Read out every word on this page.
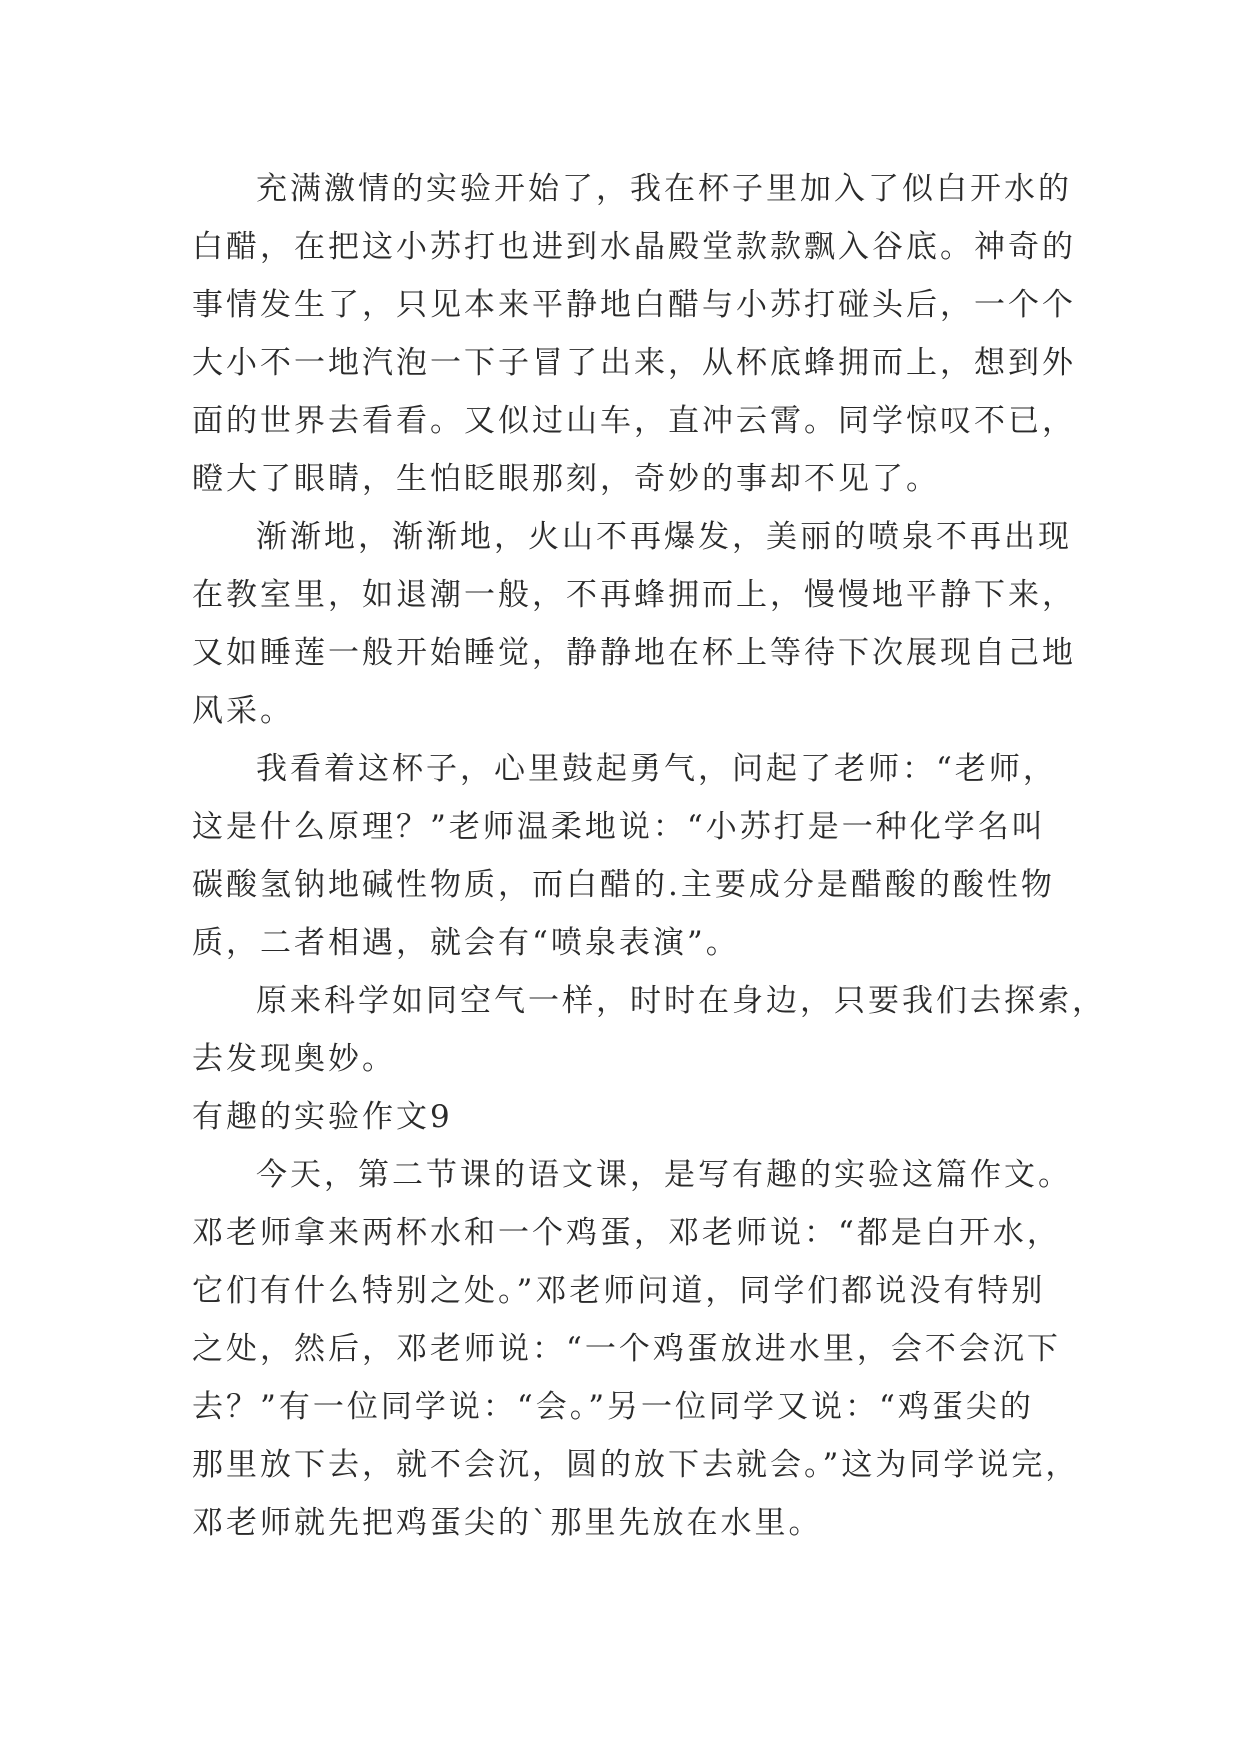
充满激情的实验开始了，我在杯子里加入了似白开水的
白醋，在把这小苏打也进到水晶殿堂款款飘入谷底。神奇的
事情发生了，只见本来平静地白醋与小苏打碰头后，一个个
大小不一地汽泡一下子冒了出来，从杯底蜂拥而上，想到外
面的世界去看看。又似过山车，直冲云霄。同学惊叹不已，
瞪大了眼睛，生怕眨眼那刻，奇妙的事却不见了。
渐渐地，渐渐地，火山不再爆发，美丽的喷泉不再出现
在教室里，如退潮一般，不再蜂拥而上，慢慢地平静下来，
又如睡莲一般开始睡觉，静静地在杯上等待下次展现自己地
风采。
我看着这杯子，心里鼓起勇气，问起了老师：“老师，
这是什么原理？”老师温柔地说：“小苏打是一种化学名叫
碳酸氢钠地碱性物质，而白醋的.主要成分是醋酸的酸性物
质，二者相遇，就会有“喷泉表演”。
原来科学如同空气一样，时时在身边，只要我们去探索，
去发现奥妙。
有趣的实验作文9
今天，第二节课的语文课，是写有趣的实验这篇作文。
邓老师拿来两杯水和一个鸡蛋，邓老师说：“都是白开水，
它们有什么特别之处。”邓老师问道，同学们都说没有特别
之处，然后，邓老师说：“一个鸡蛋放进水里，会不会沉下
去？”有一位同学说：“会。”另一位同学又说：“鸡蛋尖的
那里放下去，就不会沉，圆的放下去就会。”这为同学说完，
邓老师就先把鸡蛋尖的`那里先放在水里。
